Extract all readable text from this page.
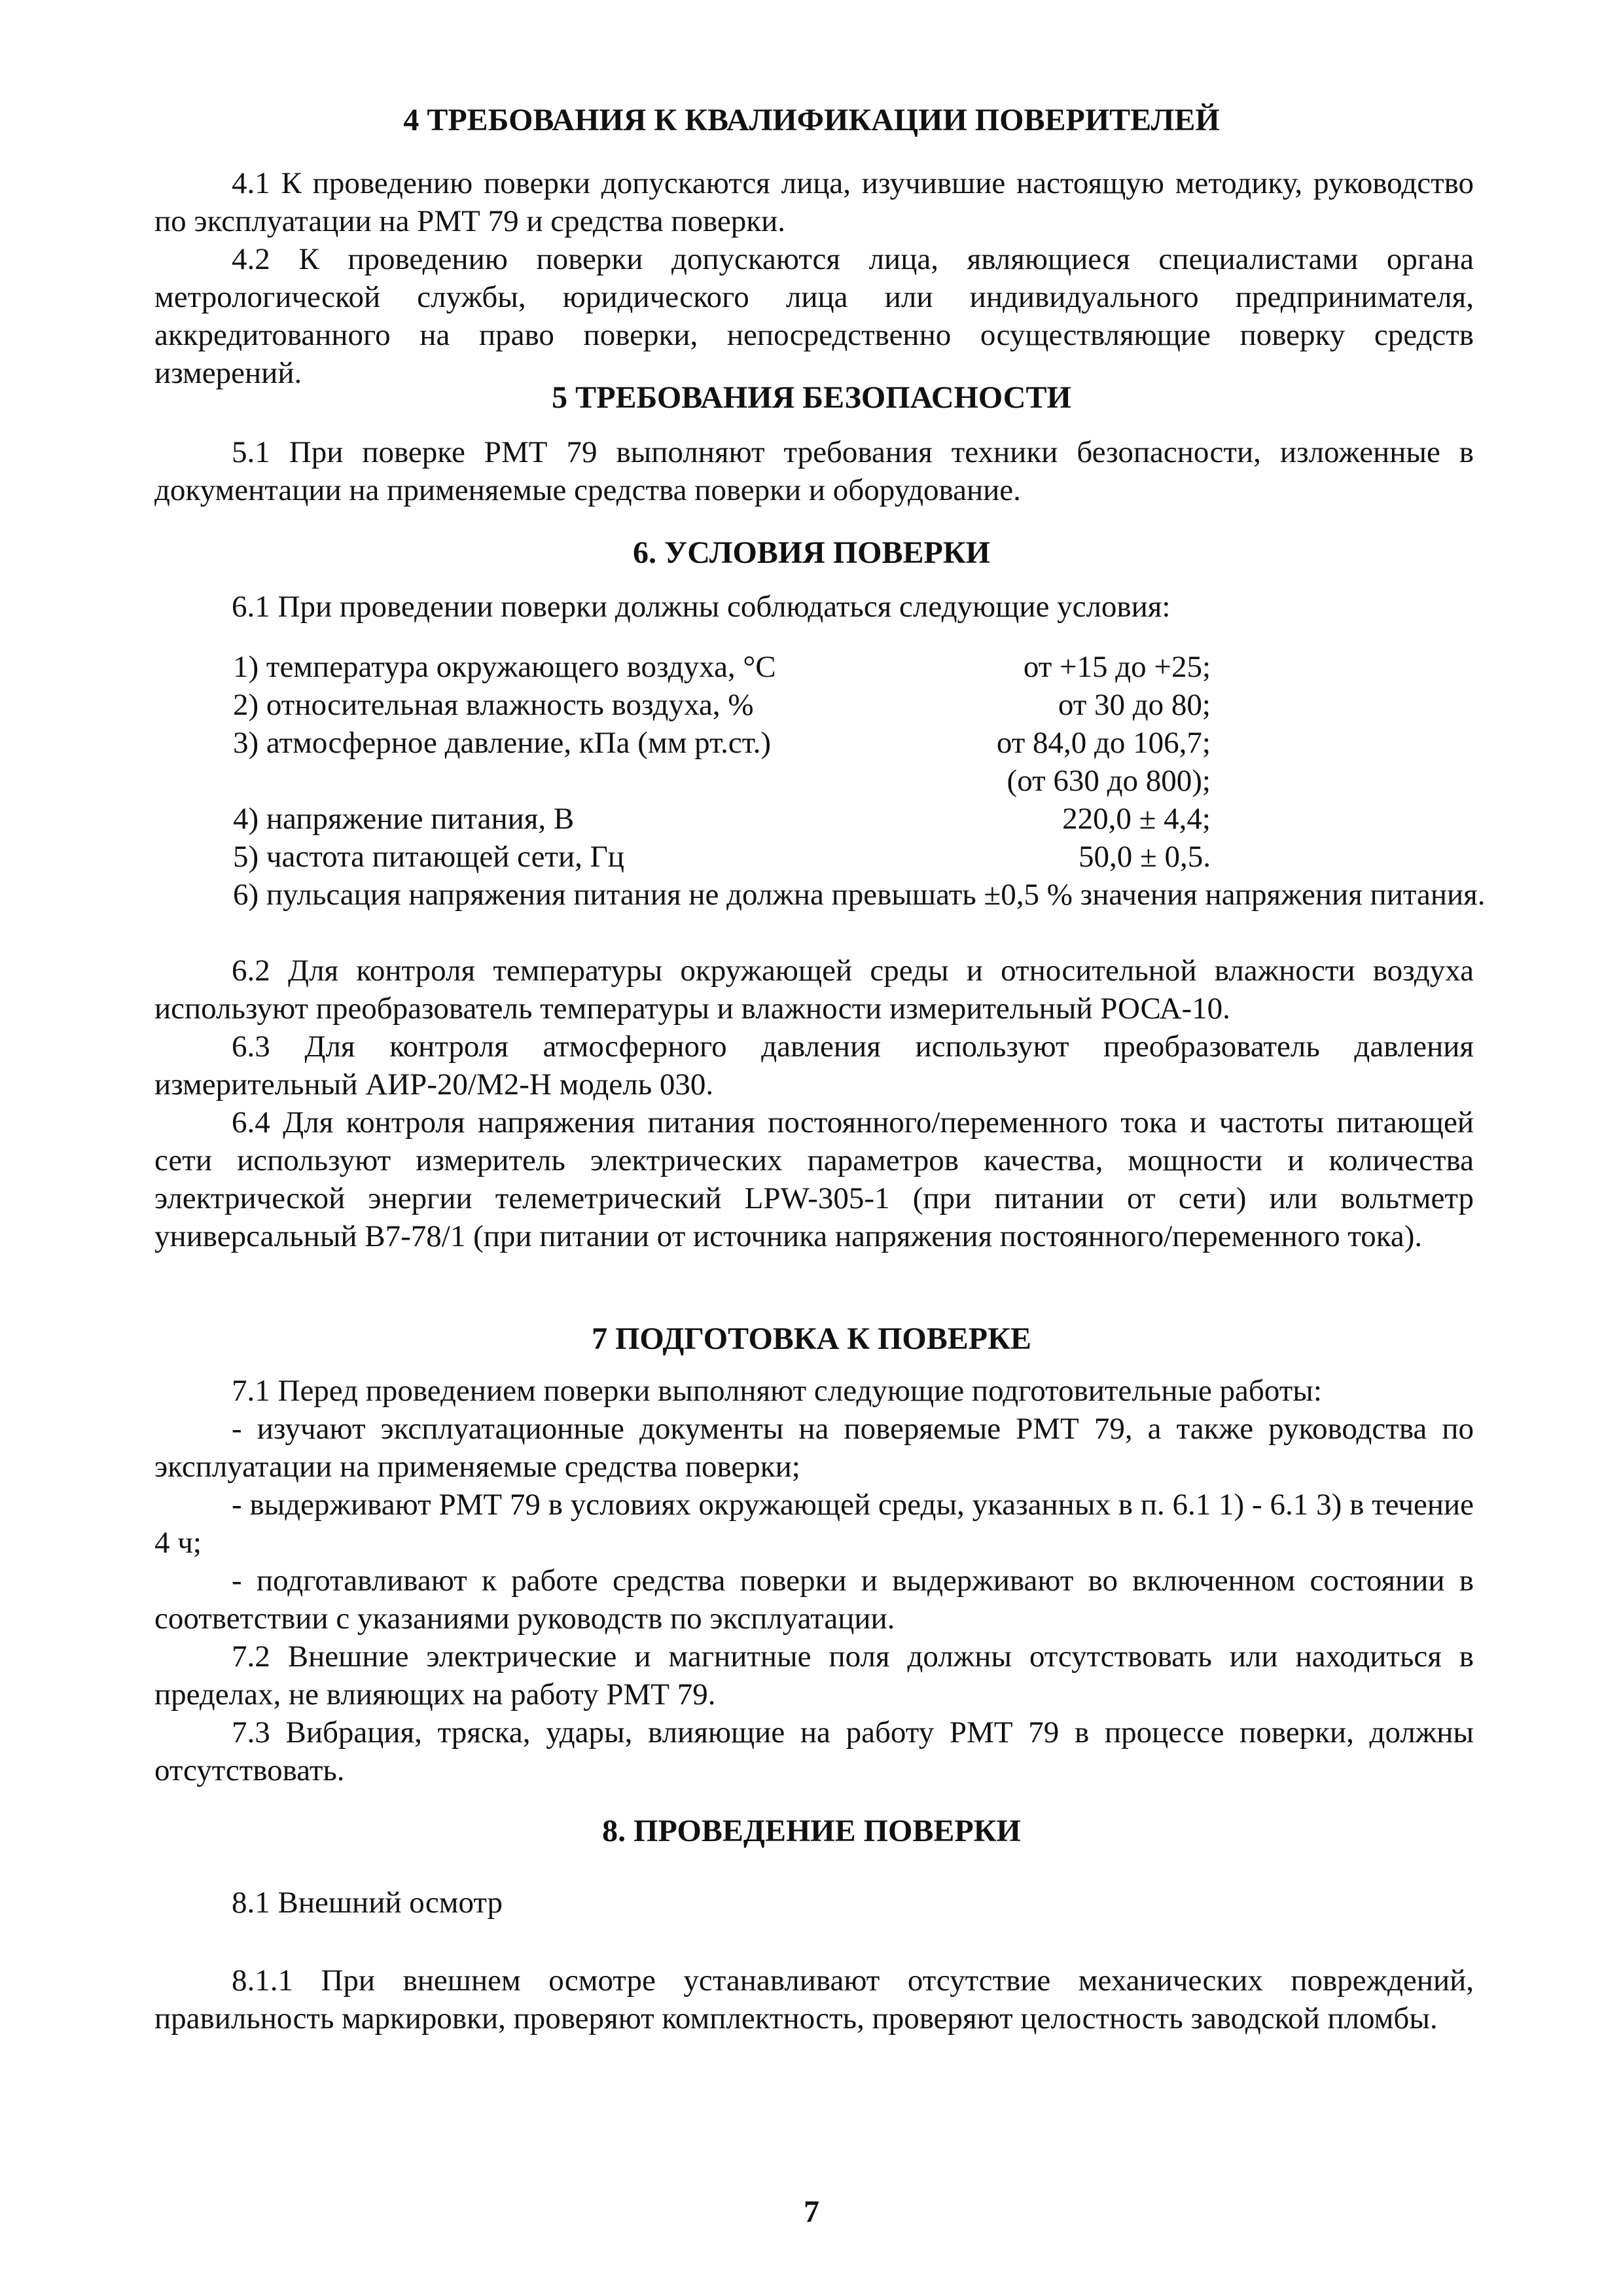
4 ТРЕБОВАНИЯ К КВАЛИФИКАЦИИ ПОВЕРИТЕЛЕЙ

4.1 К проведению поверки допускаются лица, изучившие настоящую методику, руководство по эксплуатации на РМТ 79 и средства поверки.

4.2 К проведению поверки допускаются лица, являющиеся специалистами органа метрологической службы, юридического лица или индивидуального предпринимателя, аккредитованного на право поверки, непосредственно осуществляющие поверку средств измерений.

5 ТРЕБОВАНИЯ БЕЗОПАСНОСТИ

5.1 При поверке РМТ 79 выполняют требования техники безопасности, изложенные в документации на применяемые средства поверки и оборудование.

6. УСЛОВИЯ ПОВЕРКИ

6.1 При проведении поверки должны соблюдаться следующие условия:

1) температура окружающего воздуха, °С	от +15 до +25;
2) относительная влажность воздуха, %	от 30 до 80;
3) атмосферное давление, кПа (мм рт.ст.)	от 84,0 до 106,7;
(от 630 до 800);
4) напряжение питания, В	220,0 ± 4,4;
5) частота питающей сети, Гц	50,0 ± 0,5.
6) пульсация напряжения питания не должна превышать ±0,5 % значения напряжения питания.

6.2 Для контроля температуры окружающей среды и относительной влажности воздуха используют преобразователь температуры и влажности измерительный РОСА-10.

6.3 Для контроля атмосферного давления используют преобразователь давления измерительный АИР-20/М2-Н модель 030.

6.4 Для контроля напряжения питания постоянного/переменного тока и частоты питающей сети используют измеритель электрических параметров качества, мощности и количества электрической энергии телеметрический LPW-305-1 (при питании от сети) или вольтметр универсальный В7-78/1 (при питании от источника напряжения постоянного/переменного тока).

7 ПОДГОТОВКА К ПОВЕРКЕ

7.1 Перед проведением поверки выполняют следующие подготовительные работы:

- изучают эксплуатационные документы на поверяемые РМТ 79, а также руководства по эксплуатации на применяемые средства поверки;

- выдерживают РМТ 79 в условиях окружающей среды, указанных в п. 6.1 1) - 6.1 3) в течение 4 ч;

- подготавливают к работе средства поверки и выдерживают во включенном состоянии в соответствии с указаниями руководств по эксплуатации.

7.2 Внешние электрические и магнитные поля должны отсутствовать или находиться в пределах, не влияющих на работу РМТ 79.

7.3 Вибрация, тряска, удары, влияющие на работу РМТ 79 в процессе поверки, должны отсутствовать.

8. ПРОВЕДЕНИЕ ПОВЕРКИ

8.1 Внешний осмотр

8.1.1 При внешнем осмотре устанавливают отсутствие механических повреждений, правильность маркировки, проверяют комплектность, проверяют целостность заводской пломбы.

7
